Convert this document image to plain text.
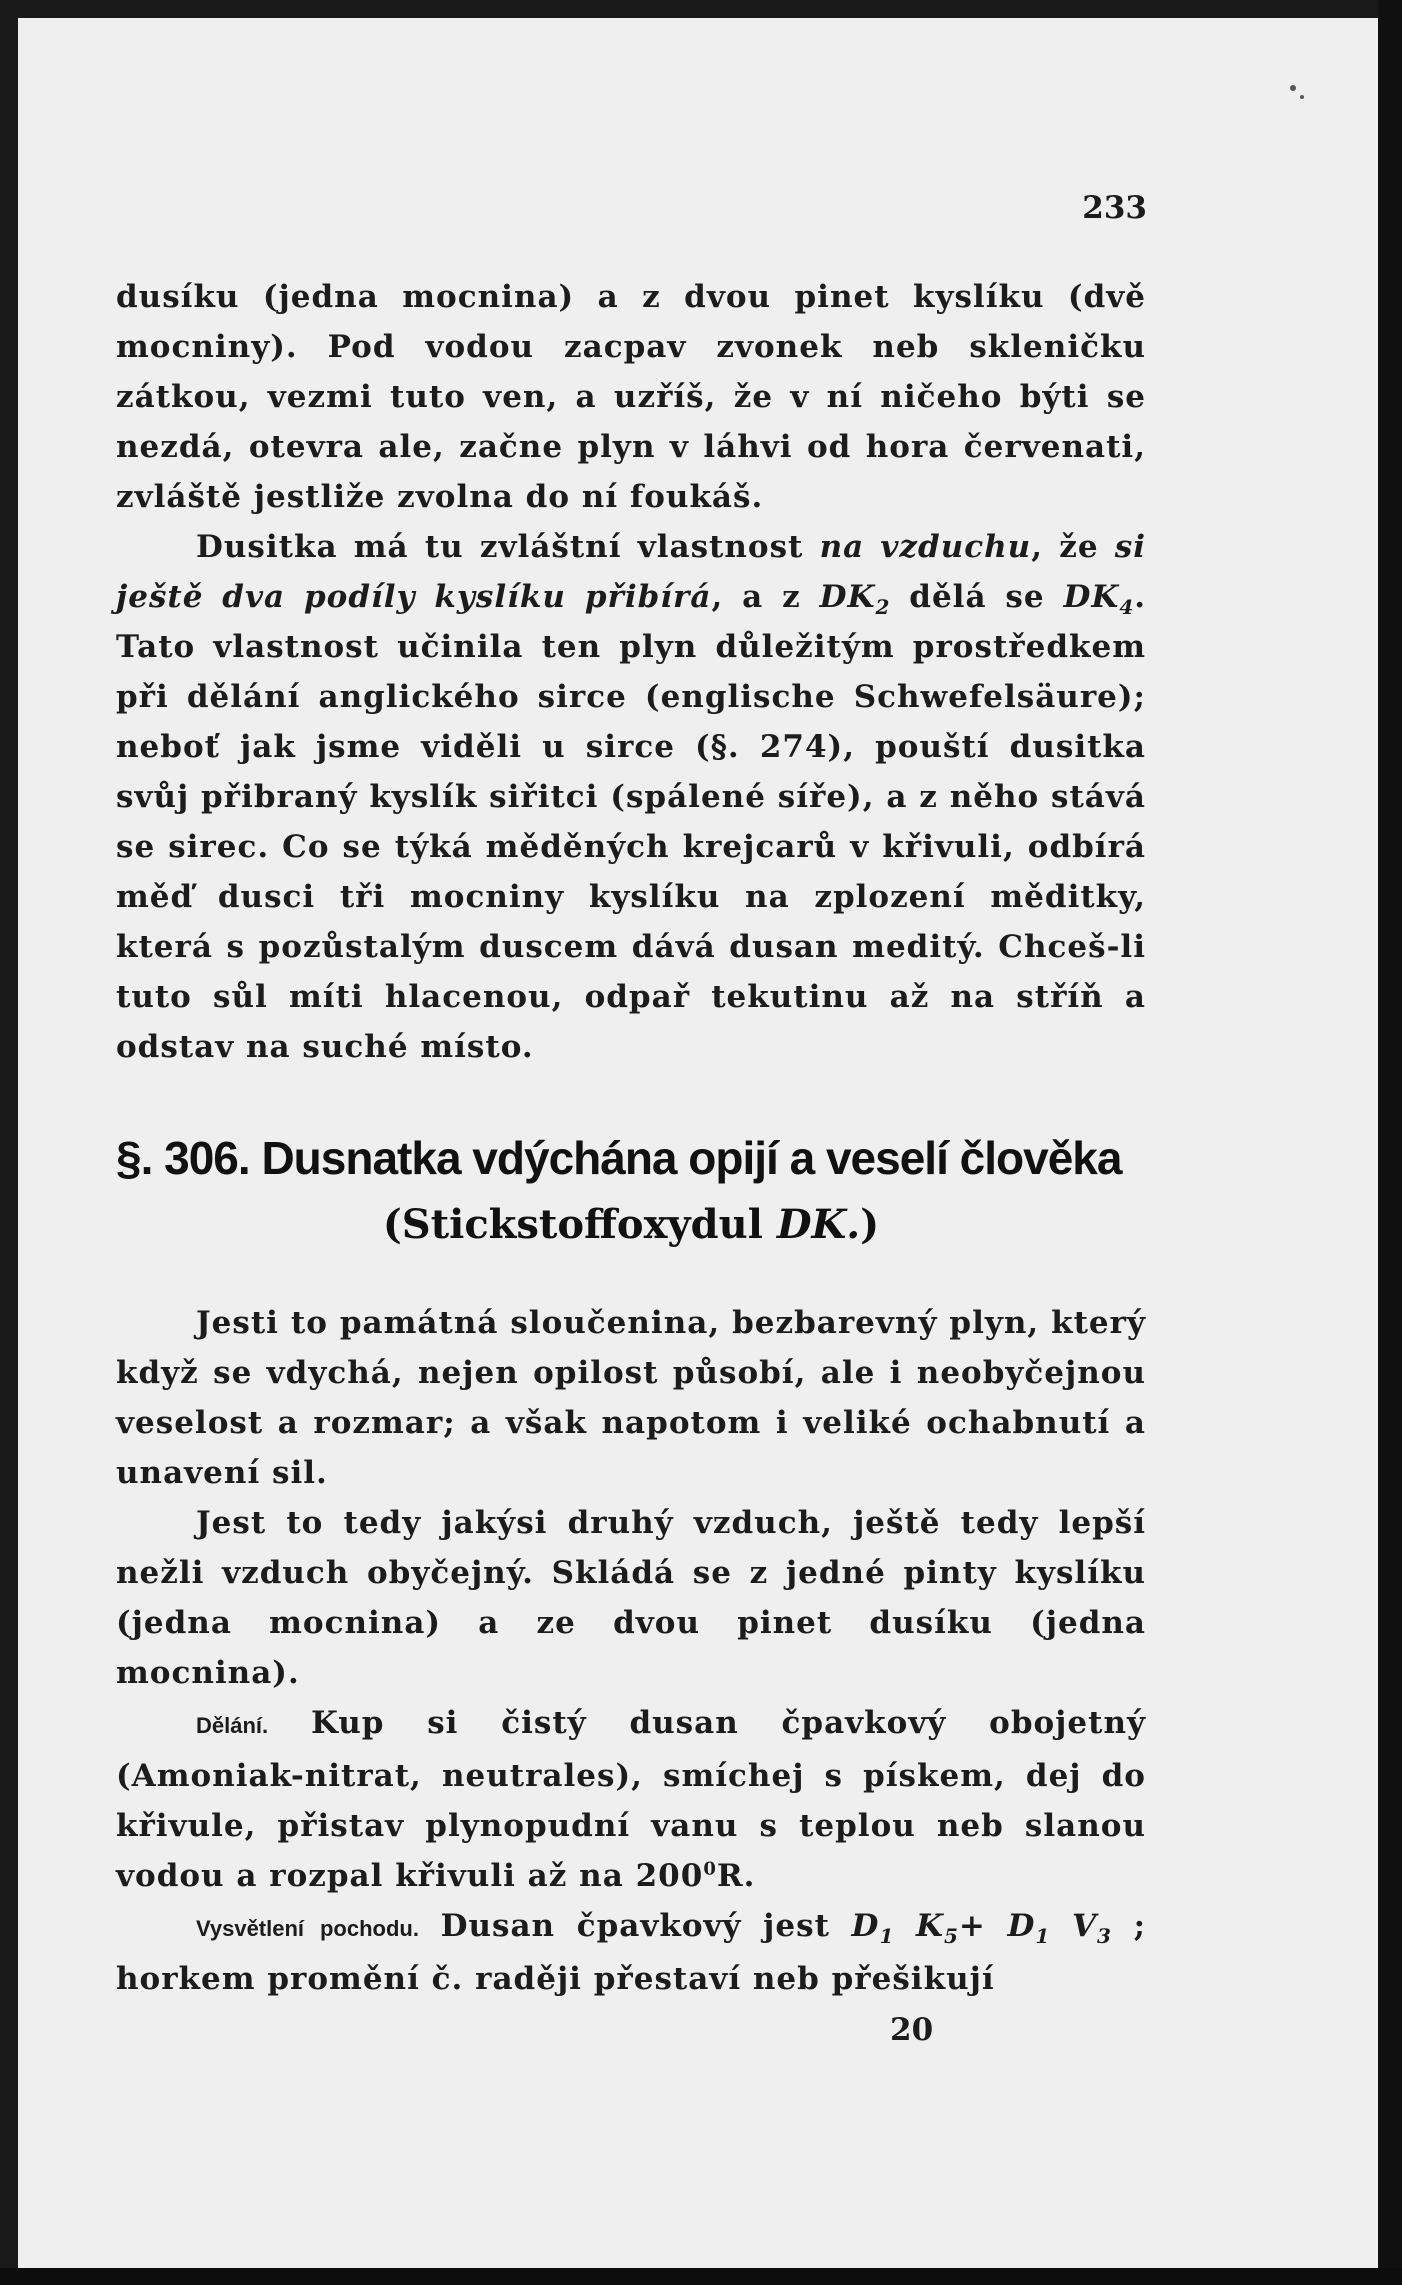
233

dusíku (jedna mocnina) a z dvou pinet kyslíku (dvě mocniny). Pod vodou zacpav zvonek neb skleničku zátkou, vezmi tuto ven, a uzříš, že v ní ničeho býti se nezdá, otevra ale, začne plyn v láhvi od hora červenati, zvláště jestliže zvolna do ní foukáš.

Dusitka má tu zvláštní vlastnost na vzduchu, že si ještě dva podíly kyslíku přibírá, a z $DK_2$ dělá se $DK_4$. Tato vlastnost učinila ten plyn důležitým prostředkem při dělání anglického sirce (englische Schwefelsäure); neboť jak jsme viděli u sirce (§. 274), pouští dusitka svůj přibraný kyslík siřitci (spálené síře), a z něho stává se sirec. Co se týká měděných krejcarů v křivuli, odbírá měď dusci tři mocniny kyslíku na zplození měditky, která s pozůstalým duscem dává dusan meditý. Chceš-li tuto sůl míti hlacenou, odpař tekutinu až na stříň a odstav na suché místo.

§. 306. Dusnatka vdýchána opijí a veselí člověka
(Stickstoffoxydul DK.)

Jesti to památná sloučenina, bezbarevný plyn, který když se vdychá, nejen opilost působí, ale i neobyčejnou veselost a rozmar; a však napotom i veliké ochabnutí a unavení sil.

Jest to tedy jakýsi druhý vzduch, ještě tedy lepší nežli vzduch obyčejný. Skládá se z jedné pinty kyslíku (jedna mocnina) a ze dvou pinet dusíku (jedna mocnina).

Dělání. Kup si čistý dusan čpavkový obojetný (Amoniak-nitrat, neutrales), smíchej s pískem, dej do křivule, přistav plynopudní vanu s teplou neb slanou vodou a rozpal křivuli až na $200^0R$.

Vysvětlení pochodu. Dusan čpavkový jest $D_1$ $K_5+ D_1$ $V_3$ ; horkem promění č. raději přestaví neb přešikují

20
